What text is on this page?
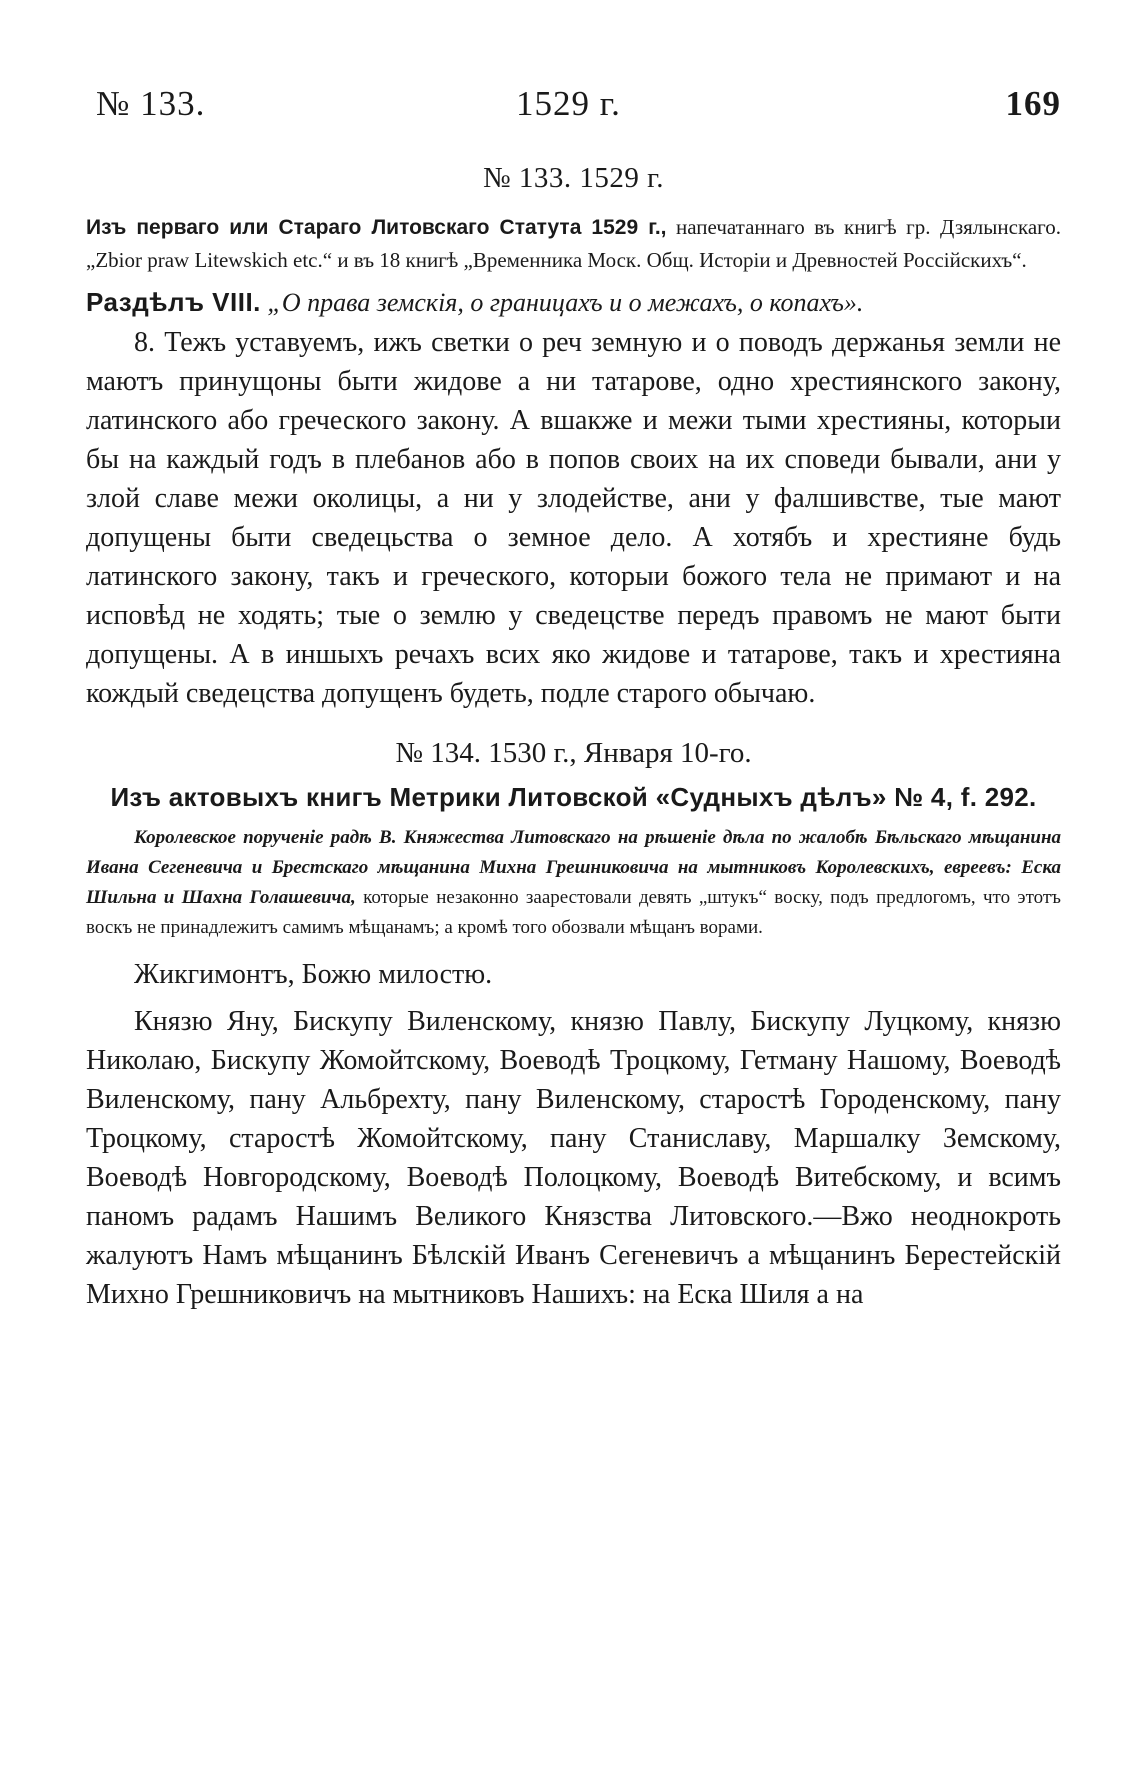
№ 133.	1529 г.	169
№ 133. 1529 г.
Изъ перваго или Стараго Литовскаго Статута 1529 г., напечатаннаго въ книгѣ гр. Дзялынскаго. „Zbior praw Litewskich etc.“ и въ 18 книгѣ „Временника Моск. Общ. Исторіи и Древностей Россійскихъ“.
Раздѣлъ VIII. „О права земскія, о границахъ и о межахъ, о копахъ».

8. Тежъ уставуемъ, ижъ светки о реч земную и о поводъ держанья земли не маютъ принущоны быти жидове а ни татарове, одно хрестиянского закону, латинского або греческого закону. А вшакже и межи тыми хрестияны, которыи бы на каждый годъ в плебанов або в попов своих на их споведи бывали, ани у злой славе межи околицы, а ни у злодействе, ани у фалшивстве, тые мают допущены быти сведецьства о земное дело. А хотябъ и хрестияне будь латинского закону, такъ и греческого, которыи божого тела не примают и на исповѣд не ходять; тые о землю у сведецстве передъ правомъ не мают быти допущены. А в иншыхъ речахъ всих яко жидове и татарове, такъ и хрестияна кождый сведецства допущенъ будеть, подле старого обычаю.

№ 134. 1530 г., Января 10-го.
Изъ актовыхъ книгъ Метрики Литовской «Судныхъ дѣлъ» № 4, f. 292.
Королевское порученіе радѣ В. Княжества Литовскаго на рѣшеніе дѣла по жалобѣ Бѣльскаго мѣщанина Ивана Сегеневича и Брестскаго мѣщанина Михна Грешниковича на мытниковъ Королевскихъ, евреевъ: Еска Шильна и Шахна Голашевича, которые незаконно заарестовали девять „штукъ“ воску, подъ предлогомъ, что этотъ воскъ не принадлежитъ самимъ мѣщанамъ; а кромѣ того обозвали мѣщанъ ворами.
Жикгимонтъ, Божю милостю.

Князю Яну, Бискупу Виленскому, князю Павлу, Бискупу Луцкому, князю Николаю, Бискупу Жомойтскому, Воеводѣ Троцкому, Гетману Нашому, Воеводѣ Виленскому, пану Альбрехту, пану Виленскому, старостѣ Городенскому, пану Троцкому, старостѣ Жомойтскому, пану Станиславу, Маршалку Земскому, Воеводѣ Новгородскому, Воеводѣ Полоцкому, Воеводѣ Витебскому, и всимъ паномъ радамъ Нашимъ Великого Князства Литовского.—Вжо неоднокроть жалуютъ Намъ мѣщанинъ Бѣлскій Иванъ Сегеневичъ а мѣщанинъ Берестейскій Михно Грешниковичъ на мытниковъ Нашихъ: на Еска Шиля а на
